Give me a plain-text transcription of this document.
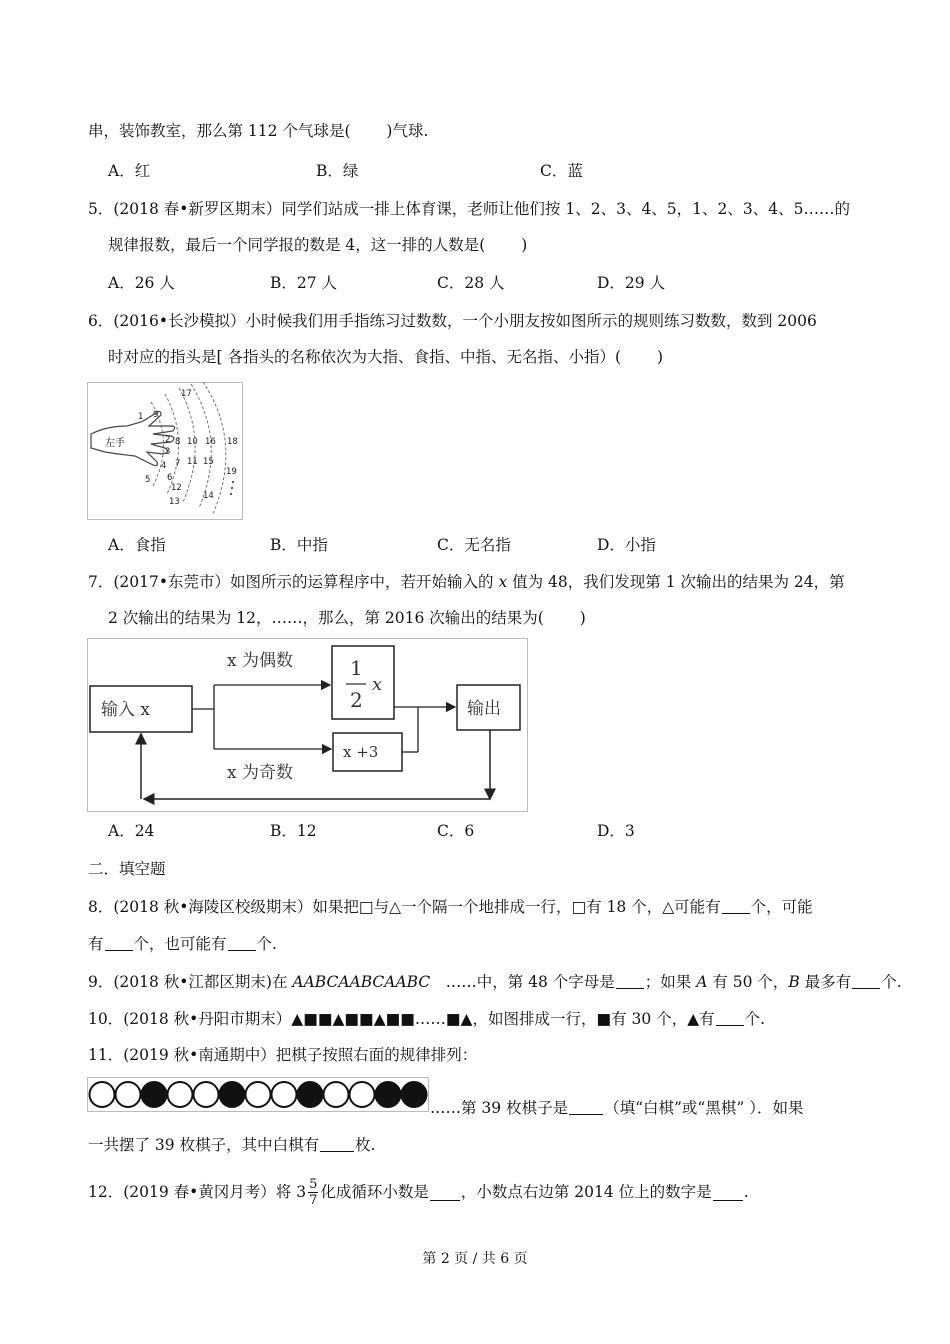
串，装饰教室，那么第 112 个气球是(　　 )气球.
A．红	B．绿	C．蓝
5．(2018 春•新罗区期末）同学们站成一排上体育课，老师让他们按 1、2、3、4、5，1、2、3、4、5……的
规律报数，最后一个同学报的数是 4，这一排的人数是(　　 )
A．26 人	B．27 人	C．28 人	D．29 人
6．(2016•长沙模拟）小时候我们用手指练习过数数，一个小朋友按如图所示的规则练习数数，数到 2006
时对应的指头是[ 各指头的名称依次为大指、食指、中指、无名指、小指）(　　 )
左手
1
2
3
4
5 6
7
8
9
10
11
12
13
14
15
16
17
18
19
A．食指	B．中指	C．无名指	D．小指
7．(2017•东莞市）如图所示的运算程序中，若开始输入的 x 值为 48，我们发现第 1 次输出的结果为 24，第
2 次输出的结果为 12，……，那么，第 2016 次输出的结果为(　　 )
输入 x
x 为偶数
x 为奇数
1
2
x
x +3
输出
A．24	B．12	C．6	D．3
二．填空题
8．(2018 秋•海陵区校级期末）如果把□与△一个隔一个地排成一行，□有 18 个，△可能有 个，可能
有 个，也可能有 个.
9．(2018 秋•江都区期末)在 AABCAABCAABC　……中，第 48 个字母是 ；如果 A 有 50 个，B 最多有 个.
10．(2018 秋•丹阳市期末）▲■■▲■■▲■■……■▲，如图排成一行，■有 30 个，▲有 个.
11．(2019 秋•南通期中）把棋子按照右面的规律排列：
……第 39 枚棋子是 （填“白棋”或“黑棋” ）．如果
一共摆了 39 枚棋子，其中白棋有 枚.
12．(2019 春•黄冈月考）将 $3 \frac{5}{7}$ 化成循环小数是 ，小数点右边第 2014 位上的数字是 .
第 2 页 / 共 6 页
